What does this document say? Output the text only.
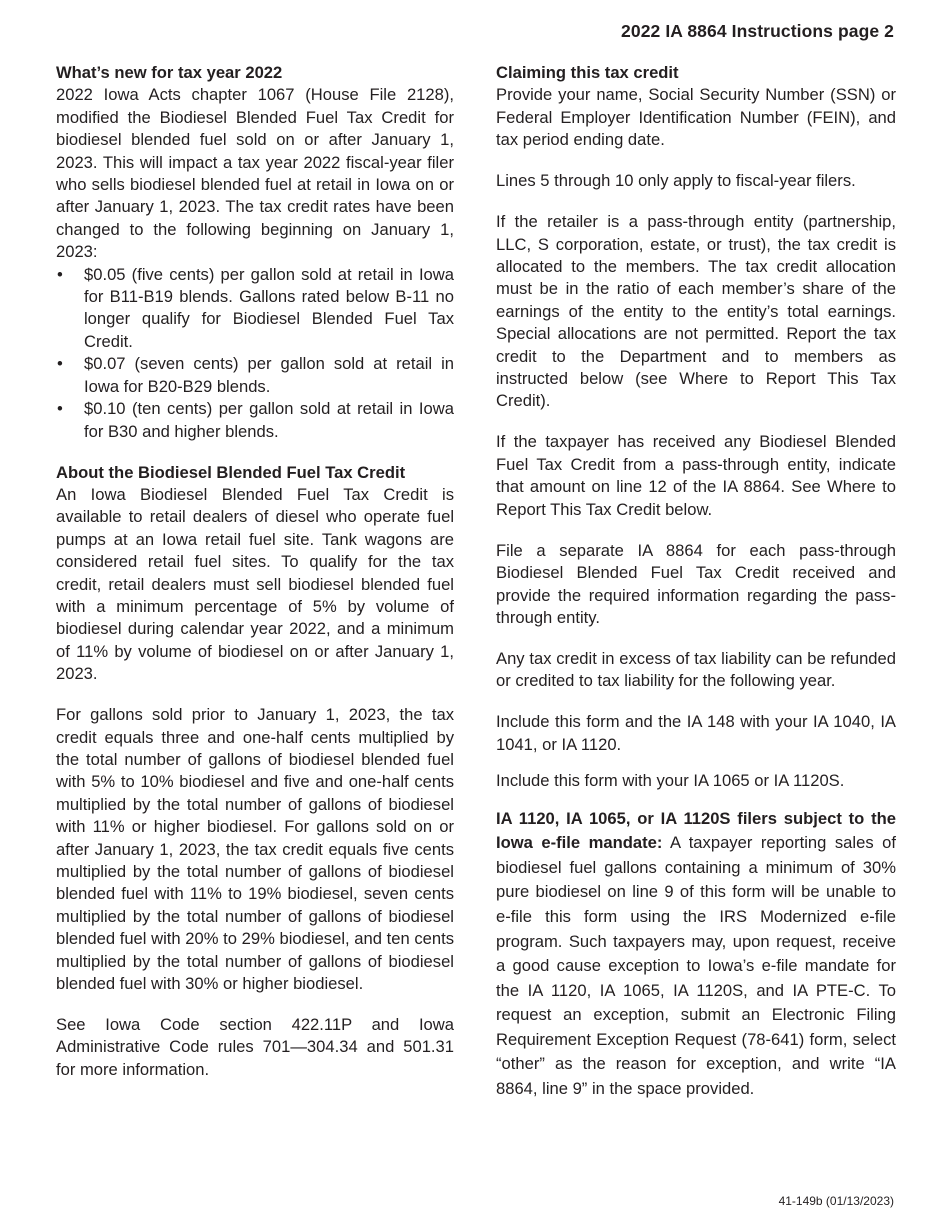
2022 IA 8864 Instructions page 2
What’s new for tax year 2022

2022 Iowa Acts chapter 1067 (House File 2128), modified the Biodiesel Blended Fuel Tax Credit for biodiesel blended fuel sold on or after January 1, 2023. This will impact a tax year 2022 fiscal-year filer who sells biodiesel blended fuel at retail in Iowa on or after January 1, 2023. The tax credit rates have been changed to the following beginning on January 1, 2023:

• $0.05 (five cents) per gallon sold at retail in Iowa for B11-B19 blends. Gallons rated below B-11 no longer qualify for Biodiesel Blended Fuel Tax Credit.
• $0.07 (seven cents) per gallon sold at retail in Iowa for B20-B29 blends.
• $0.10 (ten cents) per gallon sold at retail in Iowa for B30 and higher blends.
About the Biodiesel Blended Fuel Tax Credit

An Iowa Biodiesel Blended Fuel Tax Credit is available to retail dealers of diesel who operate fuel pumps at an Iowa retail fuel site. Tank wagons are considered retail fuel sites. To qualify for the tax credit, retail dealers must sell biodiesel blended fuel with a minimum percentage of 5% by volume of biodiesel during calendar year 2022, and a minimum of 11% by volume of biodiesel on or after January 1, 2023.

For gallons sold prior to January 1, 2023, the tax credit equals three and one-half cents multiplied by the total number of gallons of biodiesel blended fuel with 5% to 10% biodiesel and five and one-half cents multiplied by the total number of gallons of biodiesel with 11% or higher biodiesel. For gallons sold on or after January 1, 2023, the tax credit equals five cents multiplied by the total number of gallons of biodiesel blended fuel with 11% to 19% biodiesel, seven cents multiplied by the total number of gallons of biodiesel blended fuel with 20% to 29% biodiesel, and ten cents multiplied by the total number of gallons of biodiesel blended fuel with 30% or higher biodiesel.

See Iowa Code section 422.11P and Iowa Administrative Code rules 701—304.34 and 501.31 for more information.

Claiming this tax credit

Provide your name, Social Security Number (SSN) or Federal Employer Identification Number (FEIN), and tax period ending date.

Lines 5 through 10 only apply to fiscal-year filers.

If the retailer is a pass-through entity (partnership, LLC, S corporation, estate, or trust), the tax credit is allocated to the members. The tax credit allocation must be in the ratio of each member’s share of the earnings of the entity to the entity’s total earnings. Special allocations are not permitted. Report the tax credit to the Department and to members as instructed below (see Where to Report This Tax Credit).

If the taxpayer has received any Biodiesel Blended Fuel Tax Credit from a pass-through entity, indicate that amount on line 12 of the IA 8864. See Where to Report This Tax Credit below.

File a separate IA 8864 for each pass-through Biodiesel Blended Fuel Tax Credit received and provide the required information regarding the pass-through entity.

Any tax credit in excess of tax liability can be refunded or credited to tax liability for the following year.

Include this form and the IA 148 with your IA 1040, IA 1041, or IA 1120.

Include this form with your IA 1065 or IA 1120S.

IA 1120, IA 1065, or IA 1120S filers subject to the Iowa e-file mandate: A taxpayer reporting sales of biodiesel fuel gallons containing a minimum of 30% pure biodiesel on line 9 of this form will be unable to e-file this form using the IRS Modernized e-file program. Such taxpayers may, upon request, receive a good cause exception to Iowa’s e-file mandate for the IA 1120, IA 1065, IA 1120S, and IA PTE-C. To request an exception, submit an Electronic Filing Requirement Exception Request (78-641) form, select “other” as the reason for exception, and write “IA 8864, line 9” in the space provided.

41-149b (01/13/2023)
